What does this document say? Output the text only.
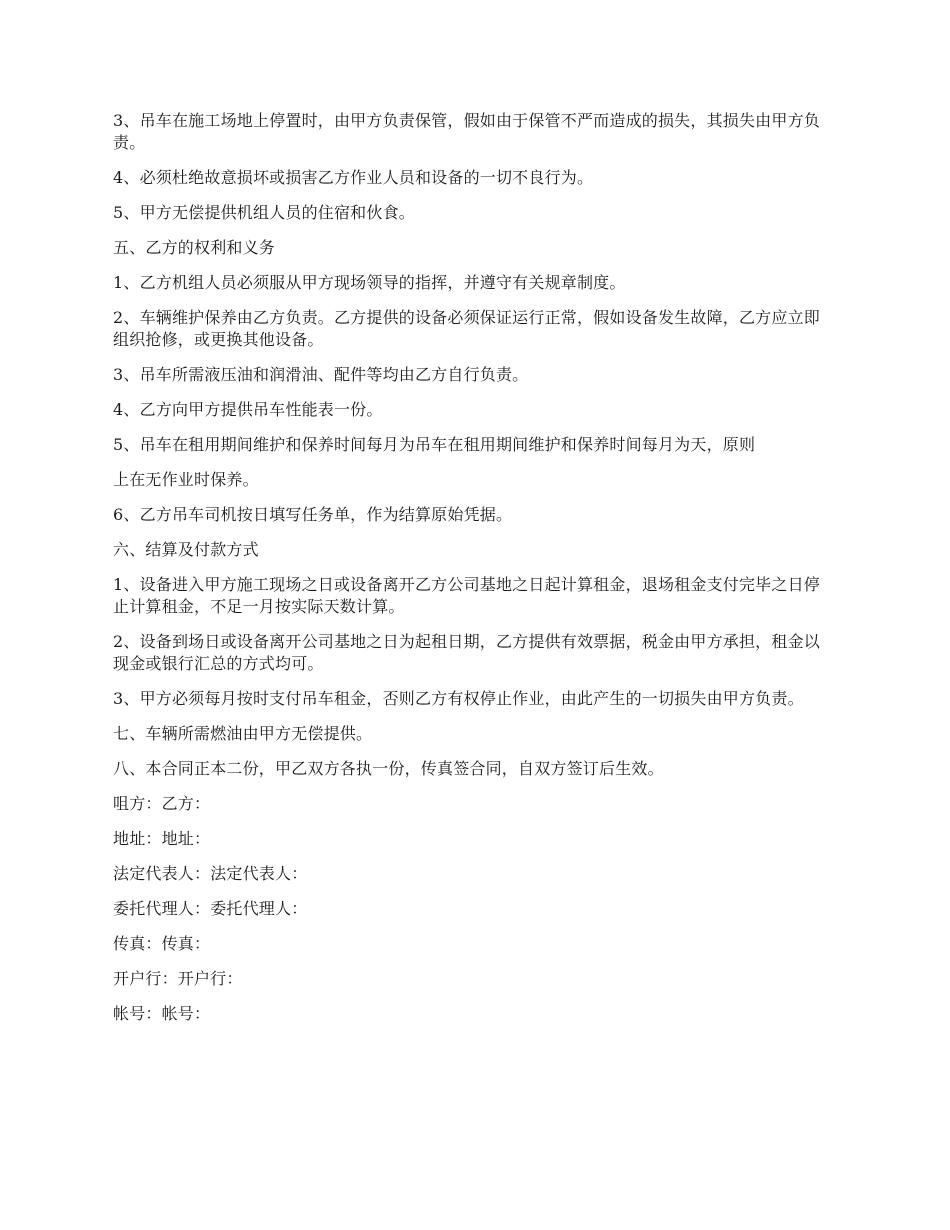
3、吊车在施工场地上停置时，由甲方负责保管，假如由于保管不严而造成的损失，其损失由甲方负责。

4、必须杜绝故意损坏或损害乙方作业人员和设备的一切不良行为。

5、甲方无偿提供机组人员的住宿和伙食。

五、乙方的权利和义务

1、乙方机组人员必须服从甲方现场领导的指挥，并遵守有关规章制度。

2、车辆维护保养由乙方负责。乙方提供的设备必须保证运行正常，假如设备发生故障，乙方应立即组织抢修，或更换其他设备。

3、吊车所需液压油和润滑油、配件等均由乙方自行负责。

4、乙方向甲方提供吊车性能表一份。

5、吊车在租用期间维护和保养时间每月为吊车在租用期间维护和保养时间每月为天，原则

上在无作业时保养。

6、乙方吊车司机按日填写任务单，作为结算原始凭据。

六、结算及付款方式

1、设备进入甲方施工现场之日或设备离开乙方公司基地之日起计算租金，退场租金支付完毕之日停止计算租金，不足一月按实际天数计算。

2、设备到场日或设备离开公司基地之日为起租日期，乙方提供有效票据，税金由甲方承担，租金以现金或银行汇总的方式均可。

3、甲方必须每月按时支付吊车租金，否则乙方有权停止作业，由此产生的一切损失由甲方负责。

七、车辆所需燃油由甲方无偿提供。

八、本合同正本二份，甲乙双方各执一份，传真签合同，自双方签订后生效。

咀方：乙方：

地址：地址：

法定代表人：法定代表人：

委托代理人：委托代理人：

传真：传真：

开户行：开户行：

帐号：帐号：
